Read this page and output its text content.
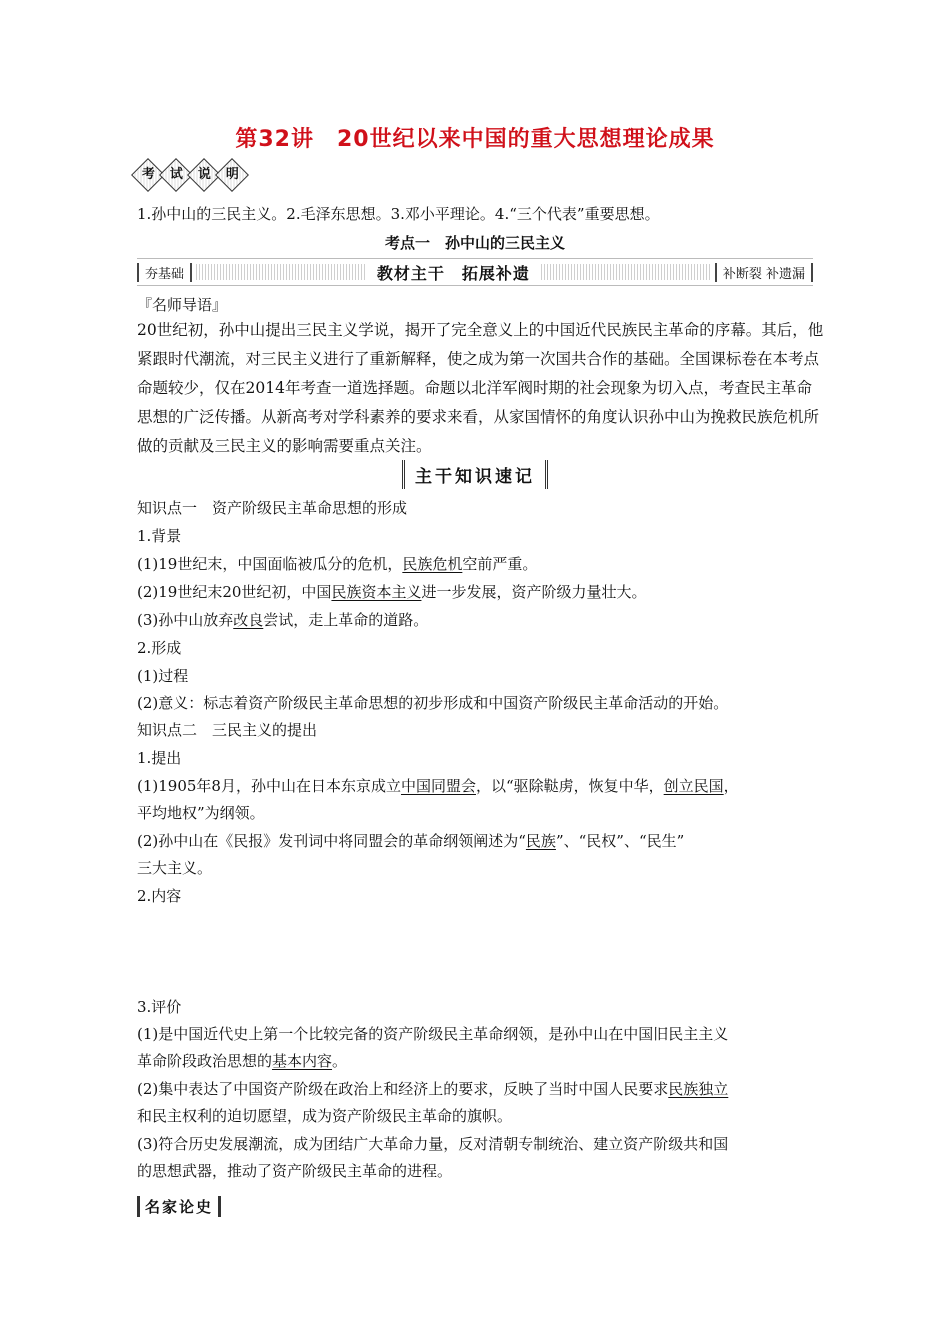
第32讲　20世纪以来中国的重大思想理论成果
考	试	说	明
1.孙中山的三民主义。2.毛泽东思想。3.邓小平理论。4.“三个代表”重要思想。
考点一　孙中山的三民主义
夯基础	教材主干　拓展补遗	补断裂 补遗漏
『名师导语』
20世纪初，孙中山提出三民主义学说，揭开了完全意义上的中国近代民族民主革命的序幕。其后，他紧跟时代潮流，对三民主义进行了重新解释，使之成为第一次国共合作的基础。全国课标卷在本考点命题较少，仅在2014年考查一道选择题。命题以北洋军阀时期的社会现象为切入点，考查民主革命思想的广泛传播。从新高考对学科素养的要求来看，从家国情怀的角度认识孙中山为挽救民族危机所做的贡献及三民主义的影响需要重点关注。
主干知识速记
知识点一　资产阶级民主革命思想的形成
1.背景
(1)19世纪末，中国面临被瓜分的危机，民族危机空前严重。
(2)19世纪末20世纪初，中国民族资本主义进一步发展，资产阶级力量壮大。
(3)孙中山放弃改良尝试，走上革命的道路。
2.形成
(1)过程
(2)意义：标志着资产阶级民主革命思想的初步形成和中国资产阶级民主革命活动的开始。
知识点二　三民主义的提出
1.提出
(1)1905年8月，孙中山在日本东京成立中国同盟会，以“驱除鞑虏，恢复中华，创立民国，
平均地权”为纲领。
(2)孙中山在《民报》发刊词中将同盟会的革命纲领阐述为“民族”、“民权”、“民生”
三大主义。
2.内容
3.评价
(1)是中国近代史上第一个比较完备的资产阶级民主革命纲领，是孙中山在中国旧民主主义
革命阶段政治思想的基本内容。
(2)集中表达了中国资产阶级在政治上和经济上的要求，反映了当时中国人民要求民族独立
和民主权利的迫切愿望，成为资产阶级民主革命的旗帜。
(3)符合历史发展潮流，成为团结广大革命力量，反对清朝专制统治、建立资产阶级共和国
的思想武器，推动了资产阶级民主革命的进程。
名家论史
